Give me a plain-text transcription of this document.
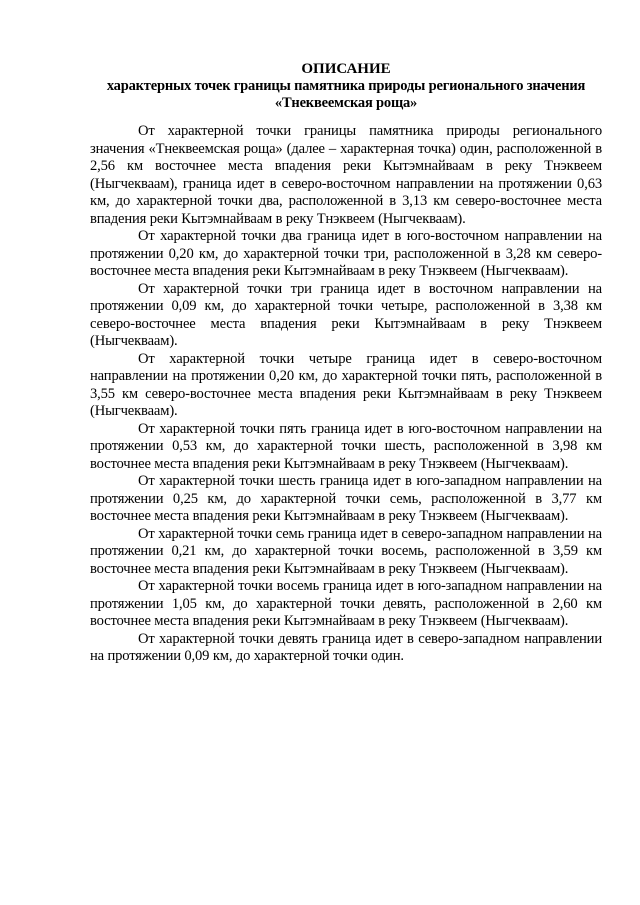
ОПИСАНИЕ

характерных точек границы памятника природы регионального значения

«Тнеквеемская роща»

От характерной точки границы памятника природы регионального значения «Тнеквеемская роща» (далее – характерная точка) один, расположенной в 2,56 км восточнее места впадения реки Кытэмнайваам в реку Тнэквеем (Ныгчекваам), граница идет в северо-восточном направлении на протяжении 0,63 км, до характерной точки два, расположенной в 3,13 км северо-восточнее места впадения реки Кытэмнайваам в реку Тнэквеем (Ныгчекваам).

От характерной точки два граница идет в юго-восточном направлении на протяжении 0,20 км, до характерной точки три, расположенной в 3,28 км северо-восточнее места впадения реки Кытэмнайваам в реку Тнэквеем (Ныгчекваам).

От характерной точки три граница идет в восточном направлении на протяжении 0,09 км, до характерной точки четыре, расположенной в 3,38 км северо-восточнее места впадения реки Кытэмнайваам в реку Тнэквеем (Ныгчекваам).

От характерной точки четыре граница идет в северо-восточном направлении на протяжении 0,20 км, до характерной точки пять, расположенной в 3,55 км северо-восточнее места впадения реки Кытэмнайваам в реку Тнэквеем (Ныгчекваам).

От характерной точки пять граница идет в юго-восточном направлении на протяжении 0,53 км, до характерной точки шесть, расположенной в 3,98 км восточнее места впадения реки Кытэмнайваам в реку Тнэквеем (Ныгчекваам).

От характерной точки шесть граница идет в юго-западном направлении на протяжении 0,25 км, до характерной точки семь, расположенной в 3,77 км восточнее места впадения реки Кытэмнайваам в реку Тнэквеем (Ныгчекваам).

От характерной точки семь граница идет в северо-западном направлении на протяжении 0,21 км, до характерной точки восемь, расположенной в 3,59 км восточнее места впадения реки Кытэмнайваам в реку Тнэквеем (Ныгчекваам).

От характерной точки восемь граница идет в юго-западном направлении на протяжении 1,05 км, до характерной точки девять, расположенной в 2,60 км восточнее места впадения реки Кытэмнайваам в реку Тнэквеем (Ныгчекваам).

От характерной точки девять граница идет в северо-западном направлении на протяжении 0,09 км, до характерной точки один.
